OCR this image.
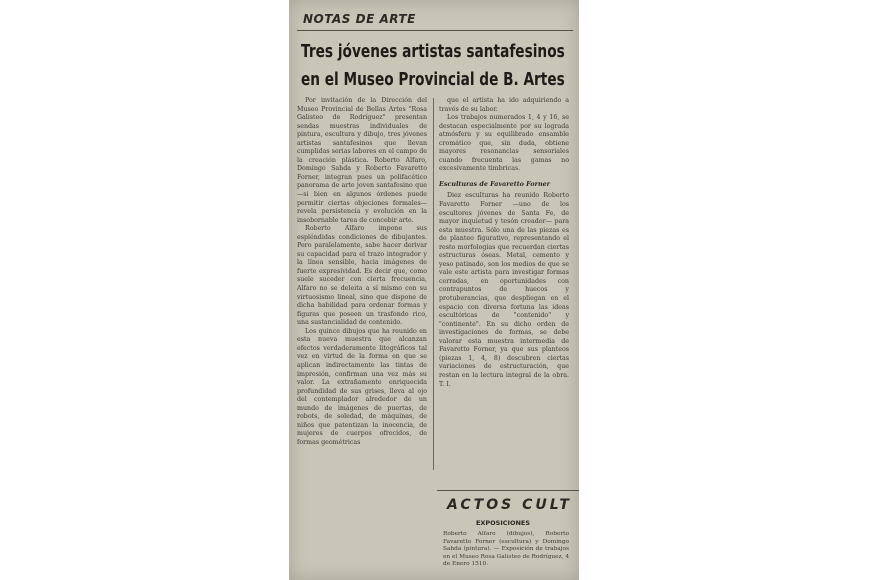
NOTAS DE ARTE
Tres jóvenes artistas santafesinos
en el Museo Provincial de B. Artes

Por invitación de la Dirección del Museo Provincial de Bellas Artes "Rosa Galisteo de Rodríguez" presentan sendas muestras individuales de pintura, escultura y dibujo, tres jóvenes artistas santafesinos que llevan cumplidas serias labores en el campo de la creación plástica. Roberto Alfaro, Domingo Sahda y Roberto Favaretto Forner, integran pues un polifacético panorama de arte joven santafesino que —si bien en algunos órdenes puede permitir ciertas objeciones formales— revela persistencia y evolución en la insobornable tarea de concebir arte.

Roberto Alfaro impone sus espléndidas condiciones de dibujantes. Pero paralelamente, sabe hacer derivar su capacidad para el trazo integrador y la línea sensible, hacia imágenes de fuerte expresividad. Es decir que, como suele suceder con cierta frecuencia, Alfaro no se deleita a sí mismo con su virtuosismo lineal, sino que dispone de dicha habilidad para ordenar formas y figuras que poseen un trasfondo rico, una sustancialidad de contenido.

Los quince dibujos que ha reunido en esta nueva muestra que alcanzan efectos verdaderamente litográficos tal vez en virtud de la forma en que se aplican indirectamente las tintas de impresión, confirman una vez más su valor. La extrañamente enriquecida profundidad de sus grises, lleva al ojo del contemplador alrededor de un mundo de imágenes de puertas, de robots, de soledad, de máquinas, de niños que patentizan la inocencia, de mujeres de cuerpos ofrecidos, de formas geométricas

que el artista ha ido adquiriendo a través de su labor.

Los trabajos numerados 1, 4 y 16, se destacan especialmente por su lograda atmósfera y su equilibrado ensamble cromático que, sin duda, obtiene mayores resonancias sensoriales cuando frecuenta las gamas no excesivamente timbricas.

Esculturas de Favaretto Forner

Diez esculturas ha reunido Roberto Favaretto Forner —uno de los escultores jóvenes de Santa Fe, de mayor inquietud y tesón creador— para esta muestra. Sólo una de las piezas es de planteo figurativo, representando el resto morfologías que recuerdan ciertas estructuras óseas. Metal, cemento y yeso patinado, son los medios de que se vale este artista para investigar formas cerradas, en oportunidades con contrapuntos de huecos y protuberancias, que despliegan en el espacio con diversa fortuna las ideas escultóricas de "contenido" y "continente". En su dicho orden de investigaciones de formas, se debe valorar esta muestra intermedia de Favaretto Forner, ya que sus planteos (piezas 1, 4, 8) descubren ciertas variaciones de estructuración, que restan en la lectura integral de la obra. T. I.

ACTOS CULT
EXPOSICIONES
Roberto Alfaro (dibujos), Roberto Favaretto Forner (escultura) y Domingo Sahda (pintura). — Exposición de trabajos en el Museo Rosa Galisteo de Rodríguez, 4 de Enero 1510.
